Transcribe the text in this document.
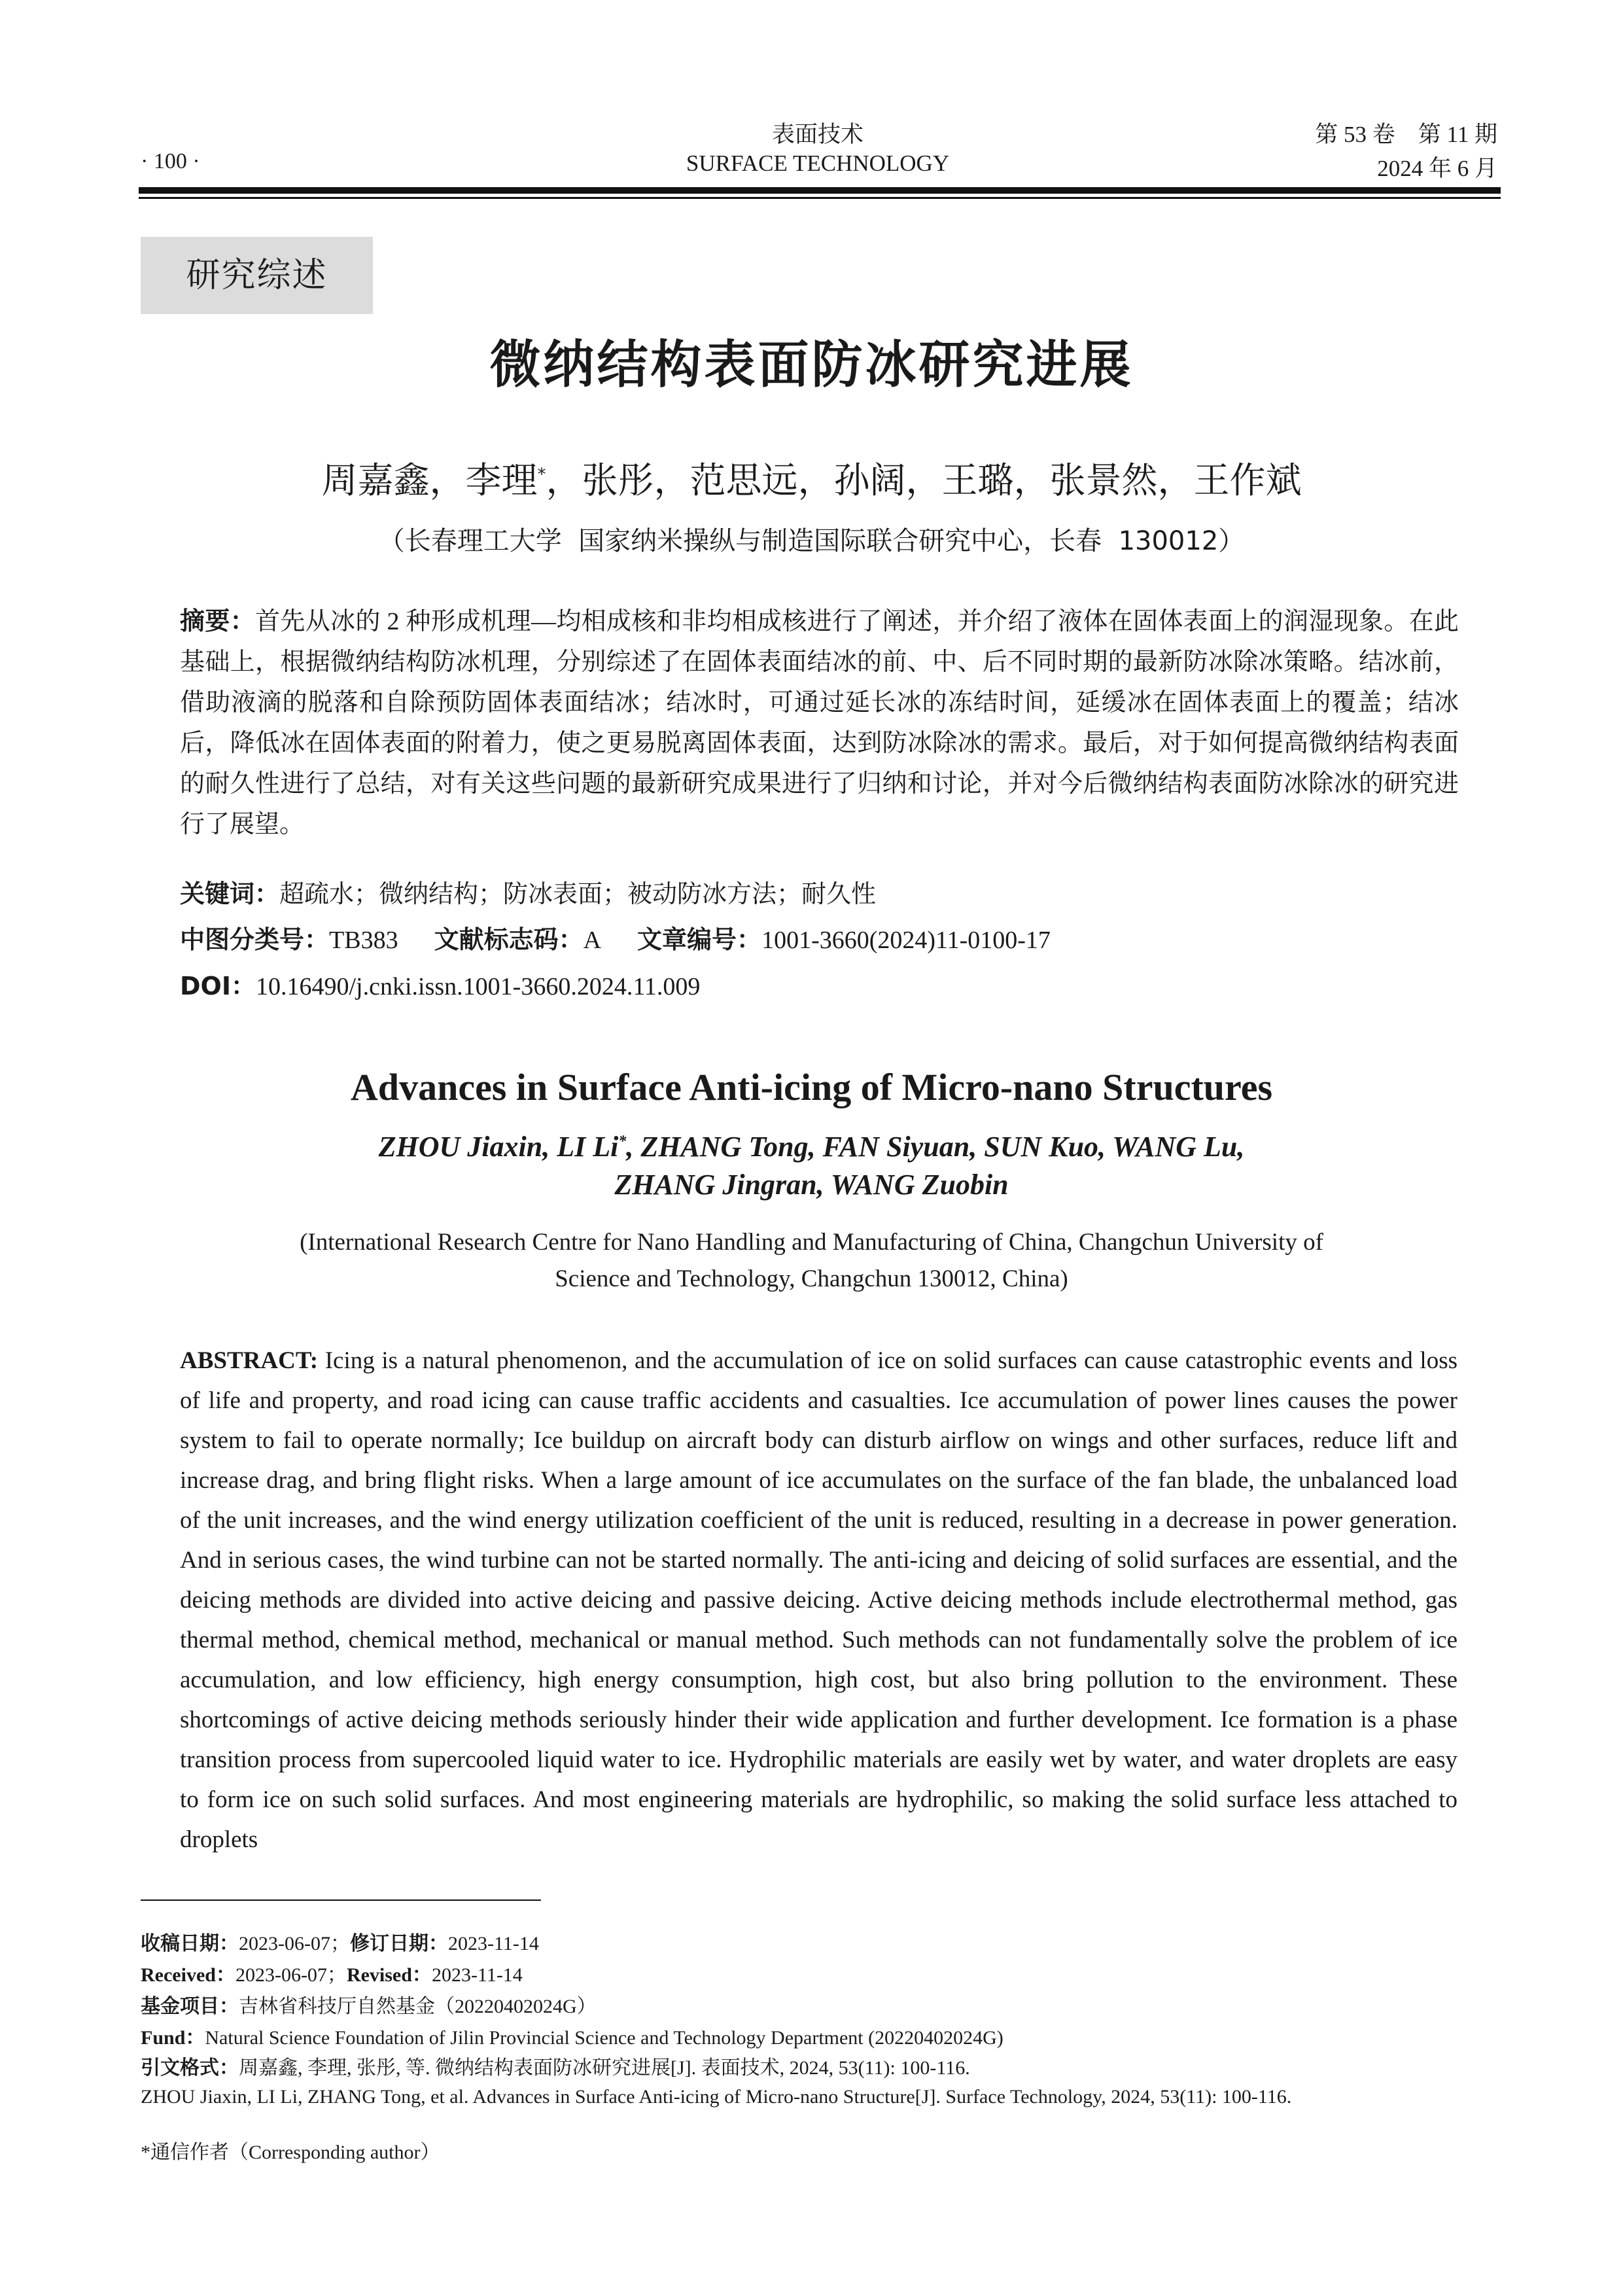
· 100 ·
表面技术
SURFACE TECHNOLOGY
第 53 卷　第 11 期
2024 年 6 月
研究综述
微纳结构表面防冰研究进展
周嘉鑫，李理*，张彤，范思远，孙阔，王璐，张景然，王作斌
（长春理工大学  国家纳米操纵与制造国际联合研究中心，长春  130012）
摘要：首先从冰的 2 种形成机理—均相成核和非均相成核进行了阐述，并介绍了液体在固体表面上的润湿现象。在此基础上，根据微纳结构防冰机理，分别综述了在固体表面结冰的前、中、后不同时期的最新防冰除冰策略。结冰前，借助液滴的脱落和自除预防固体表面结冰；结冰时，可通过延长冰的冻结时间，延缓冰在固体表面上的覆盖；结冰后，降低冰在固体表面的附着力，使之更易脱离固体表面，达到防冰除冰的需求。最后，对于如何提高微纳结构表面的耐久性进行了总结，对有关这些问题的最新研究成果进行了归纳和讨论，并对今后微纳结构表面防冰除冰的研究进行了展望。
关键词：超疏水；微纳结构；防冰表面；被动防冰方法；耐久性
中图分类号：TB383 文献标志码：A 文章编号：1001-3660(2024)11-0100-17
DOI：10.16490/j.cnki.issn.1001-3660.2024.11.009
Advances in Surface Anti-icing of Micro-nano Structures
ZHOU Jiaxin, LI Li*, ZHANG Tong, FAN Siyuan, SUN Kuo, WANG Lu,
ZHANG Jingran, WANG Zuobin
(International Research Centre for Nano Handling and Manufacturing of China, Changchun University of
Science and Technology, Changchun 130012, China)
ABSTRACT: Icing is a natural phenomenon, and the accumulation of ice on solid surfaces can cause catastrophic events and loss of life and property, and road icing can cause traffic accidents and casualties. Ice accumulation of power lines causes the power system to fail to operate normally; Ice buildup on aircraft body can disturb airflow on wings and other surfaces, reduce lift and increase drag, and bring flight risks. When a large amount of ice accumulates on the surface of the fan blade, the unbalanced load of the unit increases, and the wind energy utilization coefficient of the unit is reduced, resulting in a decrease in power generation. And in serious cases, the wind turbine can not be started normally. The anti-icing and deicing of solid surfaces are essential, and the deicing methods are divided into active deicing and passive deicing. Active deicing methods include electrothermal method, gas thermal method, chemical method, mechanical or manual method. Such methods can not fundamentally solve the problem of ice accumulation, and low efficiency, high energy consumption, high cost, but also bring pollution to the environment. These shortcomings of active deicing methods seriously hinder their wide application and further development. Ice formation is a phase transition process from supercooled liquid water to ice. Hydrophilic materials are easily wet by water, and water droplets are easy to form ice on such solid surfaces. And most engineering materials are hydrophilic, so making the solid surface less attached to droplets
收稿日期：2023-06-07；修订日期：2023-11-14
Received：2023-06-07；Revised：2023-11-14
基金项目：吉林省科技厅自然基金（20220402024G）
Fund：Natural Science Foundation of Jilin Provincial Science and Technology Department (20220402024G)
引文格式：周嘉鑫, 李理, 张彤, 等. 微纳结构表面防冰研究进展[J]. 表面技术, 2024, 53(11): 100-116.
ZHOU Jiaxin, LI Li, ZHANG Tong, et al. Advances in Surface Anti-icing of Micro-nano Structure[J]. Surface Technology, 2024, 53(11): 100-116.
*通信作者（Corresponding author）
